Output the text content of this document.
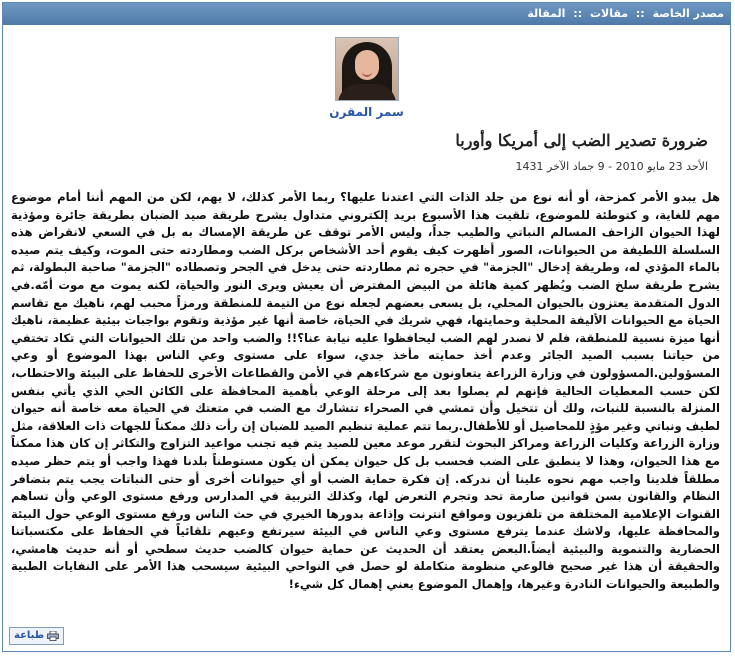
مصدر الخاصة :: مقالات :: المقالة
سمر المقرن
ضرورة تصدير الضب إلى أمريكا وأوربا
الأحد 23 مايو 2010 - 9 جماد الآخر 1431
هل يبدو الأمر كمزحة، أو أنه نوع من جلد الذات التي اعتدنا عليها؟ ربما الأمر كذلك، لا يهم، لكن من المهم أننا أمام موضوع مهم للغاية، و كتوطئة للموضوع، تلقيت هذا الأسبوع بريد إلكتروني متداول يشرح طريقة صيد الضبان بطريقة جائرة ومؤذية لهذا الحيوان الزاحف المسالم النباتي والطيب جداً، وليس الأمر توقف عن طريقة الإمساك به بل في السعي لانقراض هذه السلسلة اللطيفة من الحيوانات، الصور أظهرت كيف يقوم أحد الأشخاص بركل الضب ومطاردته حتى الموت، وكيف يتم صيده بالماء المؤذي له، وطريقة إدخال "الجزمة" في حجره ثم مطاردته حتى يدخل في الجحر وتصطاده "الجزمة" صاحبة البطولة، ثم يشرح طريقة سلخ الضب ويُظهر كمية هائلة من البيض المفترض أن يعيش ويرى النور والحياة، لكنه يموت مع موت أمّه.في الدول المتقدمة يعتزون بالحيوان المحلي، بل يسعى بعضهم لجعله نوع من التيمة للمنطقة ورمزاً محبب لهم، ناهيك مع تقاسم الحياة مع الحيوانات الأليفة المحلية وحمايتها، فهي شريك في الحياة، خاصة أنها غير مؤذية وتقوم بواجبات بيئية عظيمة، ناهيك أنها ميزة نسبية للمنطقة، فلم لا نصدر لهم الضب ليحافظوا عليه نيابة عنا؟!! والضب واحد من تلك الحيوانات التي تكاد تختفي من حياتنا بسبب الصيد الجائر وعدم أخذ حمايته مأخذ جدي، سواء على مستوى وعي الناس بهذا الموضوع أو وعي المسؤولين.المسؤولون في وزارة الزراعة يتعاونون مع شركاءهم في الأمن والقطاعات الأخرى للحفاظ على البيئة والاحتطاب، لكن حسب المعطيات الحالية فإنهم لم يصلوا بعد إلى مرحلة الوعي بأهمية المحافظة على الكائن الحي الذي يأتي بنفس المنزلة بالنسبة للنبات، ولك أن تتخيل وأن تمشي في الصحراء تتشارك مع الضب في متعتك في الحياة معه خاصة أنه حيوان لطيف ونباتي وغير مؤذٍ للمحاصيل أو للأطفال.ربما تتم عملية تنظيم الصيد للضبان إن رأت ذلك ممكناً للجهات ذات العلاقة، مثل وزارة الزراعة وكليات الزراعة ومراكز البحوث لتقرر موعد معين للصيد يتم فيه تجنب مواعيد التزاوج والتكاثر إن كان هذا ممكناً مع هذا الحيوان، وهذا لا ينطبق على الضب فحسب بل كل حيوان يمكن أن يكون مستوطناً بلدنا فهذا واجب أو يتم حظر صيده مطلقاً فلدينا واجب مهم نحوه علينا أن ندركه. إن فكرة حماية الضب أو أي حيوانات أخرى أو حتى النباتات يجب يتم بتضافر النظام والقانون بسن قوانين صارمة تحد وتجرم التعرض لها، وكذلك التربية في المدارس ورفع مستوى الوعي وأن تساهم القنوات الإعلامية المختلفة من تلفزيون ومواقع انترنت وإذاعة بدورها الخيري في حث الناس ورفع مستوى الوعي حول البيئة والمحافظة عليها، ولاشك عندما يترفع مستوى وعي الناس في البيئة سيرتفع وعيهم تلقائياً في الحفاظ على مكتسباتنا الحضارية والتنموية والبيئية أيضاً.البعض يعتقد أن الحديث عن حماية حيوان كالضب حديث سطحي أو أنه حديث هامشي، والحقيقة أن هذا غير صحيح فالوعي منظومة متكاملة لو حصل في النواحي البيئية سيسحب هذا الأمر على النفايات الطبية والطبيعة والحيوانات النادرة وغيرها، وإهمال الموضوع يعني إهمال كل شيء!
طباعة
